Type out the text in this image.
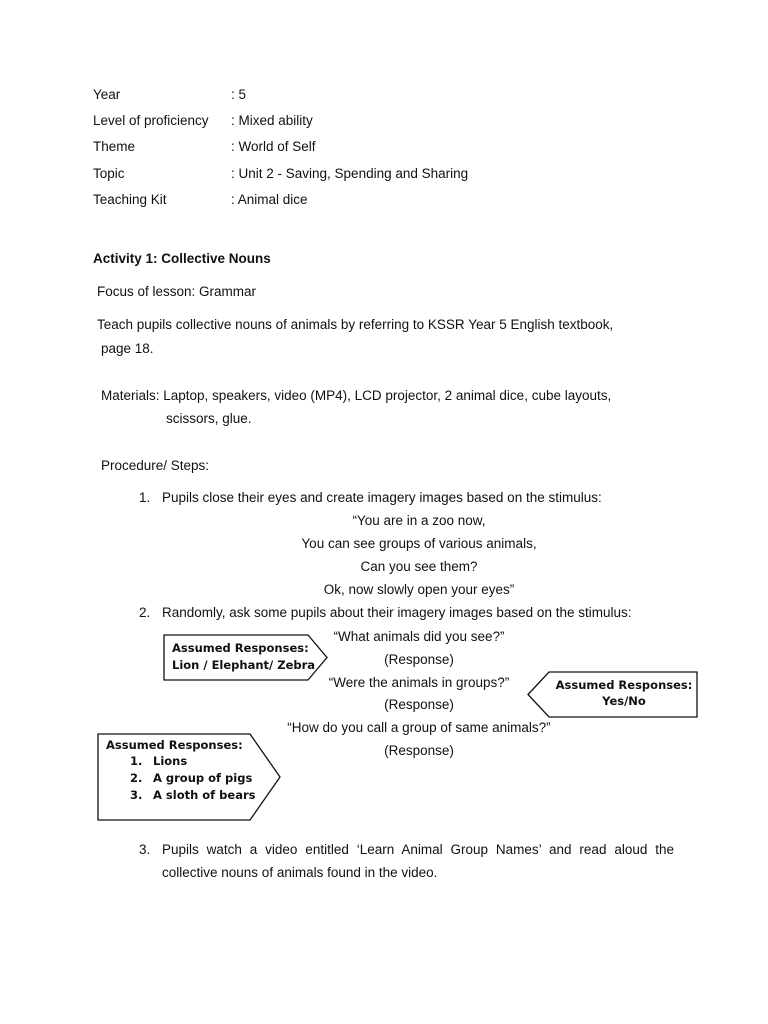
Year	: 5
Level of proficiency : Mixed ability
Theme	: World of Self
Topic	: Unit 2 - Saving, Spending and Sharing
Teaching Kit	: Animal dice
Activity 1: Collective Nouns
Focus of lesson: Grammar
Teach pupils collective nouns of animals by referring to KSSR Year 5 English textbook,
page 18.
Materials: Laptop, speakers, video (MP4), LCD projector, 2 animal dice, cube layouts,
scissors, glue.
Procedure/ Steps:
1. Pupils close their eyes and create imagery images based on the stimulus:
“You are in a zoo now,
You can see groups of various animals,
Can you see them?
Ok, now slowly open your eyes”
2. Randomly, ask some pupils about their imagery images based on the stimulus:
“What animals did you see?”
(Response)
“Were the animals in groups?”
(Response)
“How do you call a group of same animals?”
(Response)
Assumed Responses:
Lion / Elephant/ Zebra
Assumed Responses:
Yes/No
Assumed Responses:
1. Lions
2. A group of pigs
3. A sloth of bears
3. Pupils watch a video entitled ‘Learn Animal Group Names’ and read aloud the
collective nouns of animals found in the video.
